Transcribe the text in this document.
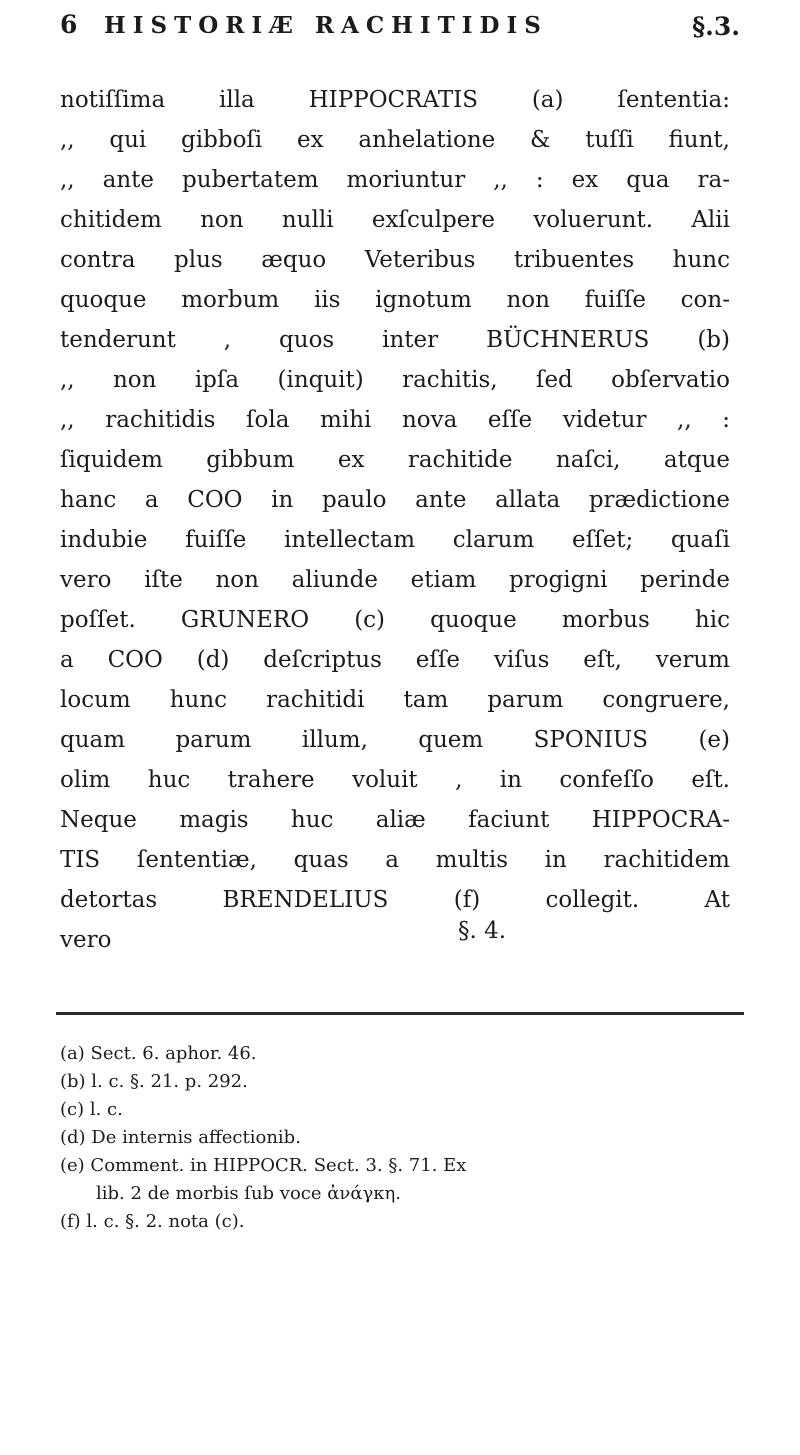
6 HISTORIÆ RACHITIDIS	§.3.
notiſſima illa HIPPOCRATIS (a) ſententia:
,, qui gibboſi ex anhelatione & tuſſi fiunt,
,, ante pubertatem moriuntur ,, : ex qua ra-
chitidem non nulli exſculpere voluerunt. Alii
contra plus æquo Veteribus tribuentes hunc
quoque morbum iis ignotum non fuiſſe con-
tenderunt , quos inter BÜCHNERUS (b)
,, non ipſa (inquit) rachitis, ſed obſervatio
,, rachitidis ſola mihi nova eſſe videtur ,, :
ſiquidem gibbum ex rachitide naſci, atque
hanc a COO in paulo ante allata prædictione
indubie fuiſſe intellectam clarum eſſet; quaſi
vero iſte non aliunde etiam progigni perinde
poſſet. GRUNERO (c) quoque morbus hic
a COO (d) deſcriptus eſſe viſus eſt, verum
locum hunc rachitidi tam parum congruere,
quam parum illum, quem SPONIUS (e)
olim huc trahere voluit , in confeſſo eſt.
Neque magis huc aliæ faciunt HIPPOCRA-
TIS ſententiæ, quas a multis in rachitidem
detortas BRENDELIUS (f) collegit. At
vero	§. 4.
(a) Sect. 6. aphor. 46.
(b) l. c. §. 21. p. 292.
(c) l. c.
(d) De internis affectionib.
(e) Comment. in HIPPOCR. Sect. 3. §. 71. Ex
lib. 2 de morbis ſub voce ἀνάγκη.
(f) l. c. §. 2. nota (c).
